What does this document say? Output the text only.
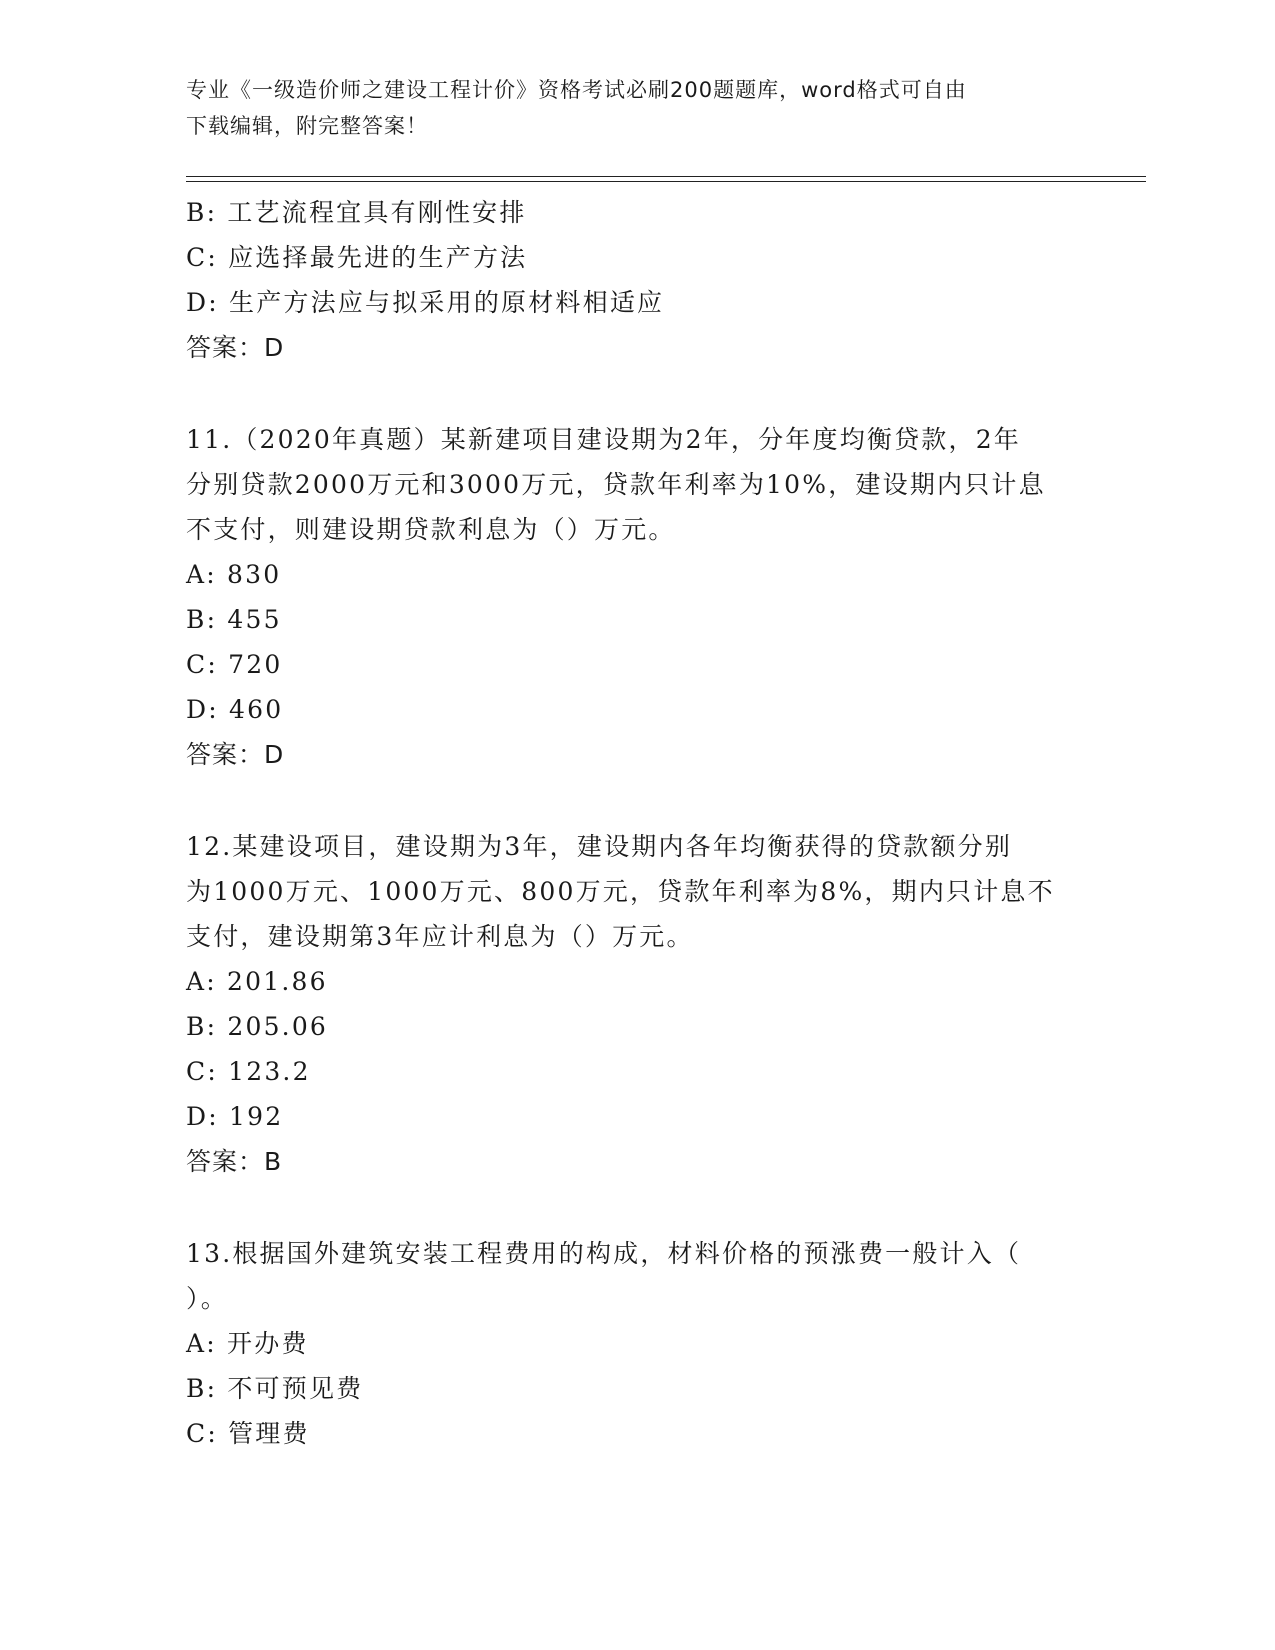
专业《一级造价师之建设工程计价》资格考试必刷200题题库，word格式可自由
下载编辑，附完整答案！
B: 工艺流程宜具有刚性安排
C: 应选择最先进的生产方法
D: 生产方法应与拟采用的原材料相适应
答案：D
11.（2020年真题）某新建项目建设期为2年，分年度均衡贷款，2年
分别贷款2000万元和3000万元，贷款年利率为10%，建设期内只计息
不支付，则建设期贷款利息为（）万元。
A: 830
B: 455
C: 720
D: 460
答案：D
12.某建设项目，建设期为3年，建设期内各年均衡获得的贷款额分别
为1000万元、1000万元、800万元，贷款年利率为8%，期内只计息不
支付，建设期第3年应计利息为（）万元。
A: 201.86
B: 205.06
C: 123.2
D: 192
答案：B
13.根据国外建筑安装工程费用的构成，材料价格的预涨费一般计入（
）。
A: 开办费
B: 不可预见费
C: 管理费
